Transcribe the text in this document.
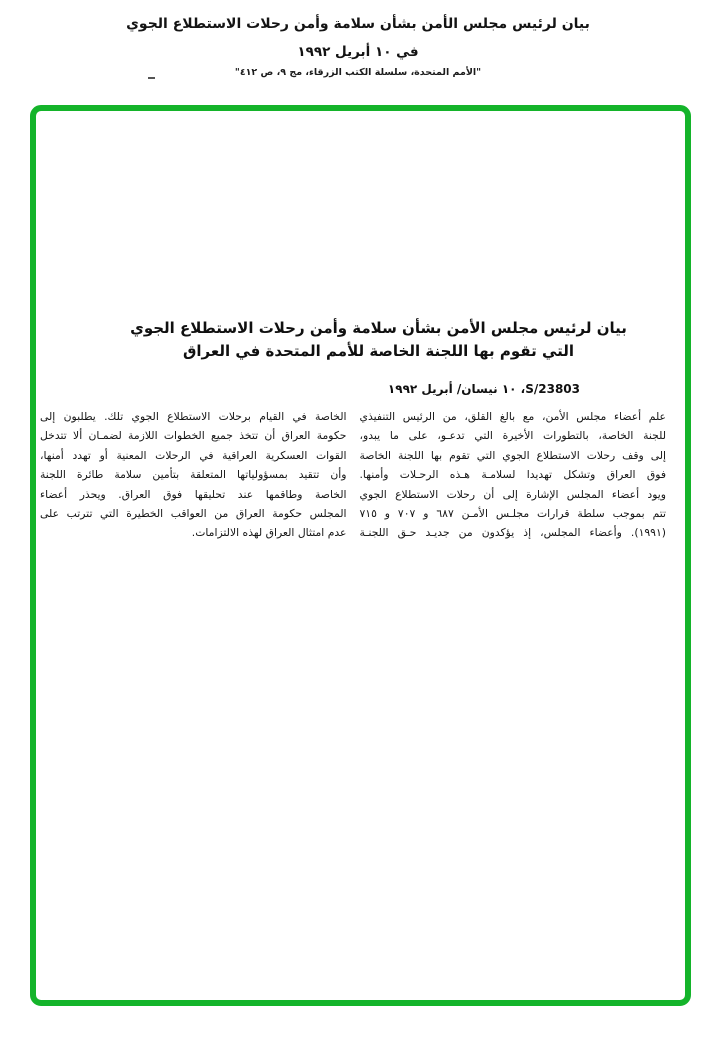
بيان لرئيس مجلس الأمن بشأن سلامة وأمن رحلات الاستطلاع الجوي
في ١٠ أبريل ١٩٩٢
"الأمم المتحدة، سلسلة الكتب الزرقاء، مج ٩، ص ٤١٢"
بيان لرئيس مجلس الأمن بشأن سلامة وأمن رحلات الاستطلاع الجوي
التي تقوم بها اللجنة الخاصة للأمم المتحدة في العراق
S/23803، ١٠ نيسان/ أبريل ١٩٩٢
علم أعضاء مجلس الأمن، مع بالغ القلق، من الرئيس التنفيذي
للجنة الخاصة، بالتطورات الأخيرة التي تدعـو، على ما يبدو،
إلى وقف رحلات الاستطلاع الجوي التي تقوم بها اللجنة الخاصة
فوق العراق وتشكل تهديدا لسلامـة هـذه الرحـلات وأمنها.
ويود أعضاء المجلس الإشارة إلى أن رحلات الاستطلاع الجوي
تتم بموجب سلطة قرارات مجلـس الأمـن ٦٨٧ و ٧٠٧ و ٧١٥
(١٩٩١). وأعضاء المجلس، إذ يؤكدون من جديـد حـق اللجنـة
الخاصة في القيام برحلات الاستطلاع الجوي تلك. يطلبون إلى
حكومة العراق أن تتخذ جميع الخطوات اللازمة لضمـان ألا تتدخل
القوات العسكرية العراقية في الرحلات المعنية أو تهدد أمنها،
وأن تتقيد بمسؤولياتها المتعلقة بتأمين سلامة طائرة اللجنة
الخاصة وطاقمها عند تحليقها فوق العراق. ويحذر أعضاء
المجلس حكومة العراق من العواقب الخطيرة التي تترتب على
عدم امتثال العراق لهذه الالتزامات.
